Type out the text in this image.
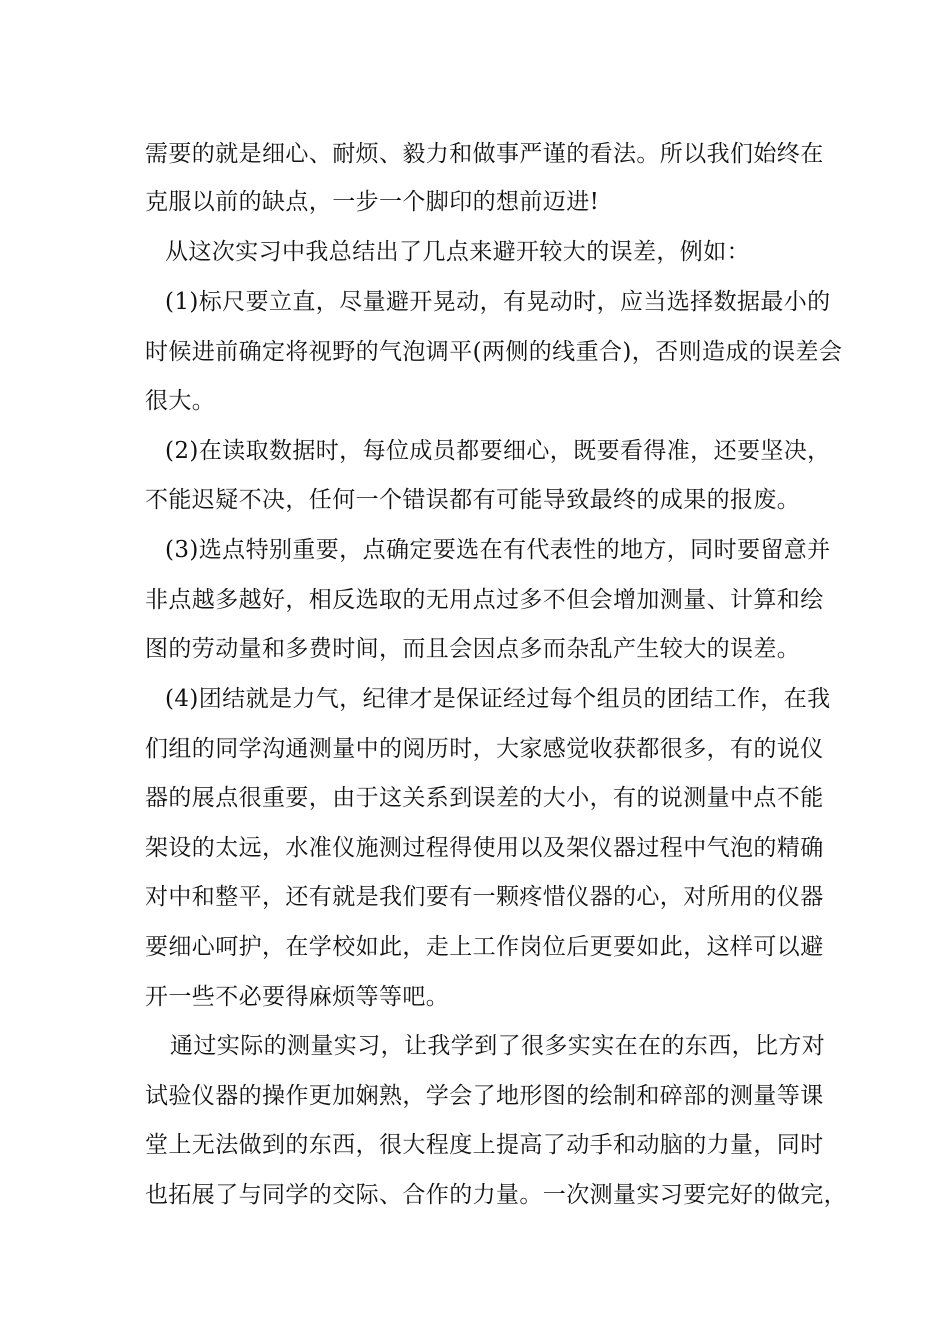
需要的就是细心、耐烦、毅力和做事严谨的看法。所以我们始终在
克服以前的缺点，一步一个脚印的想前迈进!
从这次实习中我总结出了几点来避开较大的误差，例如：
(1)标尺要立直，尽量避开晃动，有晃动时，应当选择数据最小的
时候进前确定将视野的气泡调平(两侧的线重合)，否则造成的误差会
很大。
(2)在读取数据时，每位成员都要细心，既要看得准，还要坚决，
不能迟疑不决，任何一个错误都有可能导致最终的成果的报废。
(3)选点特别重要，点确定要选在有代表性的地方，同时要留意并
非点越多越好，相反选取的无用点过多不但会增加测量、计算和绘
图的劳动量和多费时间，而且会因点多而杂乱产生较大的误差。
(4)团结就是力气，纪律才是保证经过每个组员的团结工作，在我
们组的同学沟通测量中的阅历时，大家感觉收获都很多，有的说仪
器的展点很重要，由于这关系到误差的大小，有的说测量中点不能
架设的太远，水准仪施测过程得使用以及架仪器过程中气泡的精确
对中和整平，还有就是我们要有一颗疼惜仪器的心，对所用的仪器
要细心呵护，在学校如此，走上工作岗位后更要如此，这样可以避
开一些不必要得麻烦等等吧。
通过实际的测量实习，让我学到了很多实实在在的东西，比方对
试验仪器的操作更加娴熟，学会了地形图的绘制和碎部的测量等课
堂上无法做到的东西，很大程度上提高了动手和动脑的力量，同时
也拓展了与同学的交际、合作的力量。一次测量实习要完好的做完，
